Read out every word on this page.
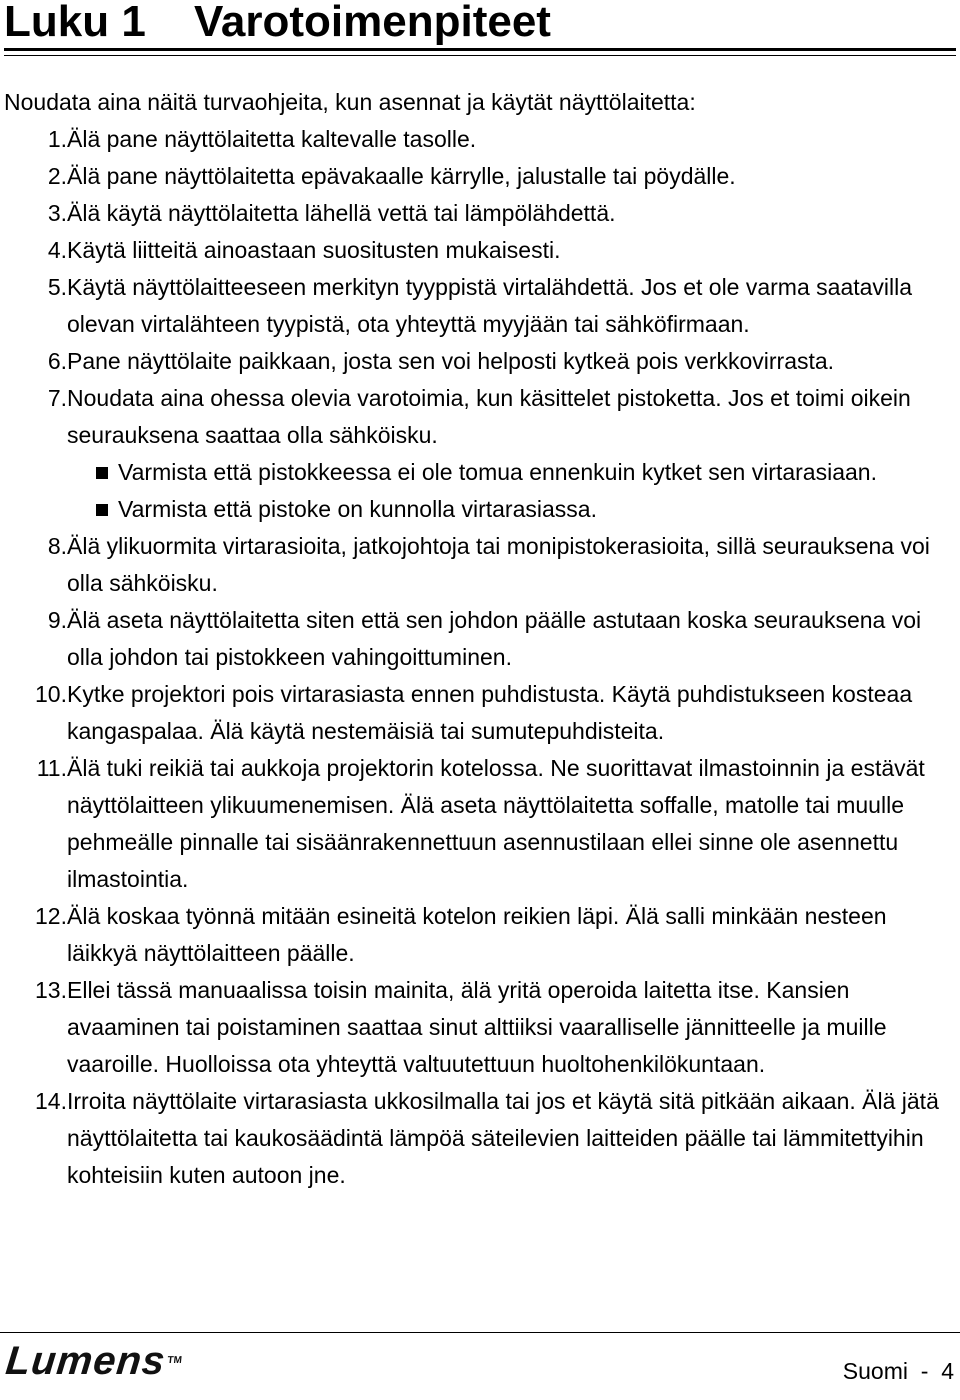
Luku 1	Varotoimenpiteet
Noudata aina näitä turvaohjeita, kun asennat ja käytät näyttölaitetta:
1. Älä pane näyttölaitetta kaltevalle tasolle.
2. Älä pane näyttölaitetta epävakaalle kärrylle, jalustalle tai pöydälle.
3. Älä käytä näyttölaitetta lähellä vettä tai lämpölähdettä.
4. Käytä liitteitä ainoastaan suositusten mukaisesti.
5. Käytä näyttölaitteeseen merkityn tyyppistä virtalähdettä. Jos et ole varma saatavilla olevan virtalähteen tyypistä, ota yhteyttä myyjään tai sähköfirmaan.
6. Pane näyttölaite paikkaan, josta sen voi helposti kytkeä pois verkkovirrasta.
7. Noudata aina ohessa olevia varotoimia, kun käsittelet pistoketta. Jos et toimi oikein seurauksena saattaa olla sähköisku.
Varmista että pistokkeessa ei ole tomua ennenkuin kytket sen virtarasiaan.
Varmista että pistoke on kunnolla virtarasiassa.
8. Älä ylikuormita virtarasioita, jatkojohtoja tai monipistokerasioita, sillä seurauksena voi olla sähköisku.
9. Älä aseta näyttölaitetta siten että sen johdon päälle astutaan koska seurauksena voi olla johdon tai pistokkeen vahingoittuminen.
10. Kytke projektori pois virtarasiasta ennen puhdistusta. Käytä puhdistukseen kosteaa kangaspalaa. Älä käytä nestemäisiä tai sumutepuhdisteita.
11. Älä tuki reikiä tai aukkoja projektorin kotelossa. Ne suorittavat ilmastoinnin ja estävät näyttölaitteen ylikuumenemisen. Älä aseta näyttölaitetta soffalle, matolle tai muulle pehmeälle pinnalle tai sisäänrakennettuun asennustilaan ellei sinne ole asennettu ilmastointia.
12. Älä koskaa työnnä mitään esineitä kotelon reikien läpi. Älä salli minkään nesteen läikkyä näyttölaitteen päälle.
13. Ellei tässä manuaalissa toisin mainita, älä yritä operoida laitetta itse. Kansien avaaminen tai poistaminen saattaa sinut alttiiksi vaaralliselle jännitteelle ja muille vaaroille. Huolloissa ota yhteyttä valtuutettuun huoltohenkilökuntaan.
14. Irroita näyttölaite virtarasiasta ukkosilmalla tai jos et käytä sitä pitkään aikaan. Älä jätä näyttölaitetta tai kaukosäädintä lämpöä säteilevien laitteiden päälle tai lämmitettyihin kohteisiin kuten autoon jne.
Lumens™	Suomi  -  4
